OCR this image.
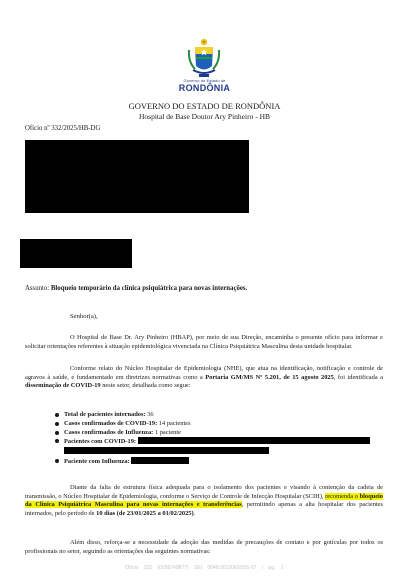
Governo do Estado de
RONDÔNIA
GOVERNO DO ESTADO DE RONDÔNIA
Hospital de Base Doutor Ary Pinheiro - HB
Ofício nº 332/2025/HB-DG
Assunto: Bloqueio temporário da clínica psiquiátrica para novas internações.
Senhor(a),
O Hospital de Base Dr. Ary Pinheiro (HBAP), por meio de sua Direção, encaminha o presente ofício para informar e solicitar orientações referentes à situação epidemiológica vivenciada na Clínica Psiquiátrica Masculina desta unidade hospitalar.
Conforme relato do Núcleo Hospitalar de Epidemiologia (NHE), que atua na identificação, notificação e controle de agravos à saúde, e fundamentado em diretrizes normativas como a Portaria GM/MS Nº 5.201, de 15 agosto 2025, foi identificada a disseminação de COVID-19 neste setor, detalhada como segue:
Total de pacientes internados: 36
Casos confirmados de COVID-19: 14 pacientes
Casos confirmados de Influenza: 1 paciente
Pacientes com COVID-19:
Paciente com Influenza:
Diante da falta de estrutura física adequada para o isolamento dos pacientes e visando à contenção da cadeia de transmissão, o Núcleo Hospitalar de Epidemiologia, conforme o Serviço de Controle de Infecção Hospitalar (SCIH), recomenda o bloqueio da Clínica Psiquiátrica Masculina para novas internações e transferências, permitindo apenas a alta hospitalar dos pacientes internados, pelo período de 10 dias (de 23/01/2025 a 01/02/2025).
Além disso, reforça-se a necessidade da adoção das medidas de precauções de contato e por gotículas por todos os profissionais no setor, seguindo as orientações das seguintes normativas:
Ofício 332 (0056749877) SEI 0049.001206/2025-67 / pg. 1
